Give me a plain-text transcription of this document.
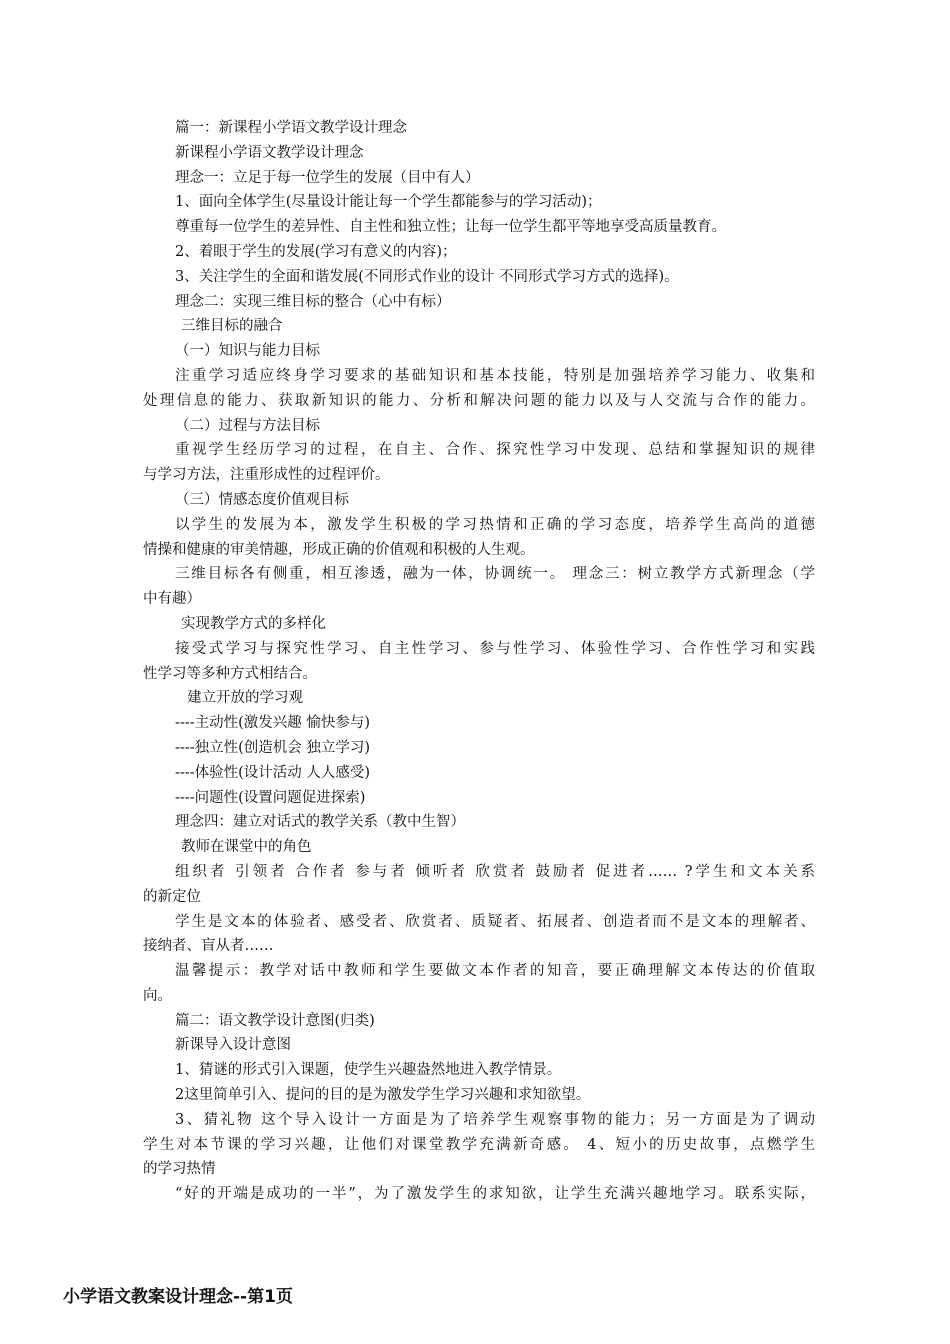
篇一：新课程小学语文教学设计理念
新课程小学语文教学设计理念
理念一：立足于每一位学生的发展（目中有人）
1、面向全体学生(尽量设计能让每一个学生都能参与的学习活动)；
尊重每一位学生的差异性、自主性和独立性；让每一位学生都平等地享受高质量教育。
2、着眼于学生的发展(学习有意义的内容)；
3、关注学生的全面和谐发展(不同形式作业的设计 不同形式学习方式的选择)。
理念二：实现三维目标的整合（心中有标）
三维目标的融合
（一）知识与能力目标
注重学习适应终身学习要求的基础知识和基本技能，特别是加强培养学习能力、收集和
处理信息的能力、获取新知识的能力、分析和解决问题的能力以及与人交流与合作的能力。
（二）过程与方法目标
重视学生经历学习的过程，在自主、合作、探究性学习中发现、总结和掌握知识的规律
与学习方法，注重形成性的过程评价。
（三）情感态度价值观目标
以学生的发展为本，激发学生积极的学习热情和正确的学习态度，培养学生高尚的道德
情操和健康的审美情趣，形成正确的价值观和积极的人生观。
三维目标各有侧重，相互渗透，融为一体，协调统一。 理念三：树立教学方式新理念（学
中有趣）
实现教学方式的多样化
接受式学习与探究性学习、自主性学习、参与性学习、体验性学习、合作性学习和实践
性学习等多种方式相结合。
建立开放的学习观
----主动性(激发兴趣 愉快参与)
----独立性(创造机会 独立学习)
----体验性(设计活动 人人感受)
----问题性(设置问题促进探索)
理念四：建立对话式的教学关系（教中生智）
教师在课堂中的角色
组织者 引领者 合作者 参与者 倾听者 欣赏者 鼓励者 促进者…… ?学生和文本关系
的新定位
学生是文本的体验者、感受者、欣赏者、质疑者、拓展者、创造者而不是文本的理解者、
接纳者、盲从者……
温馨提示：教学对话中教师和学生要做文本作者的知音，要正确理解文本传达的价值取
向。
篇二：语文教学设计意图(归类)
新课导入设计意图
1、猜谜的形式引入课题，使学生兴趣盎然地进入教学情景。
2这里简单引入、提问的目的是为激发学生学习兴趣和求知欲望。
3、猜礼物 这个导入设计一方面是为了培养学生观察事物的能力；另一方面是为了调动
学生对本节课的学习兴趣，让他们对课堂教学充满新奇感。 4、短小的历史故事，点燃学生
的学习热情
“好的开端是成功的一半”，为了激发学生的求知欲，让学生充满兴趣地学习。联系实际，
小学语文教案设计理念--第1页
